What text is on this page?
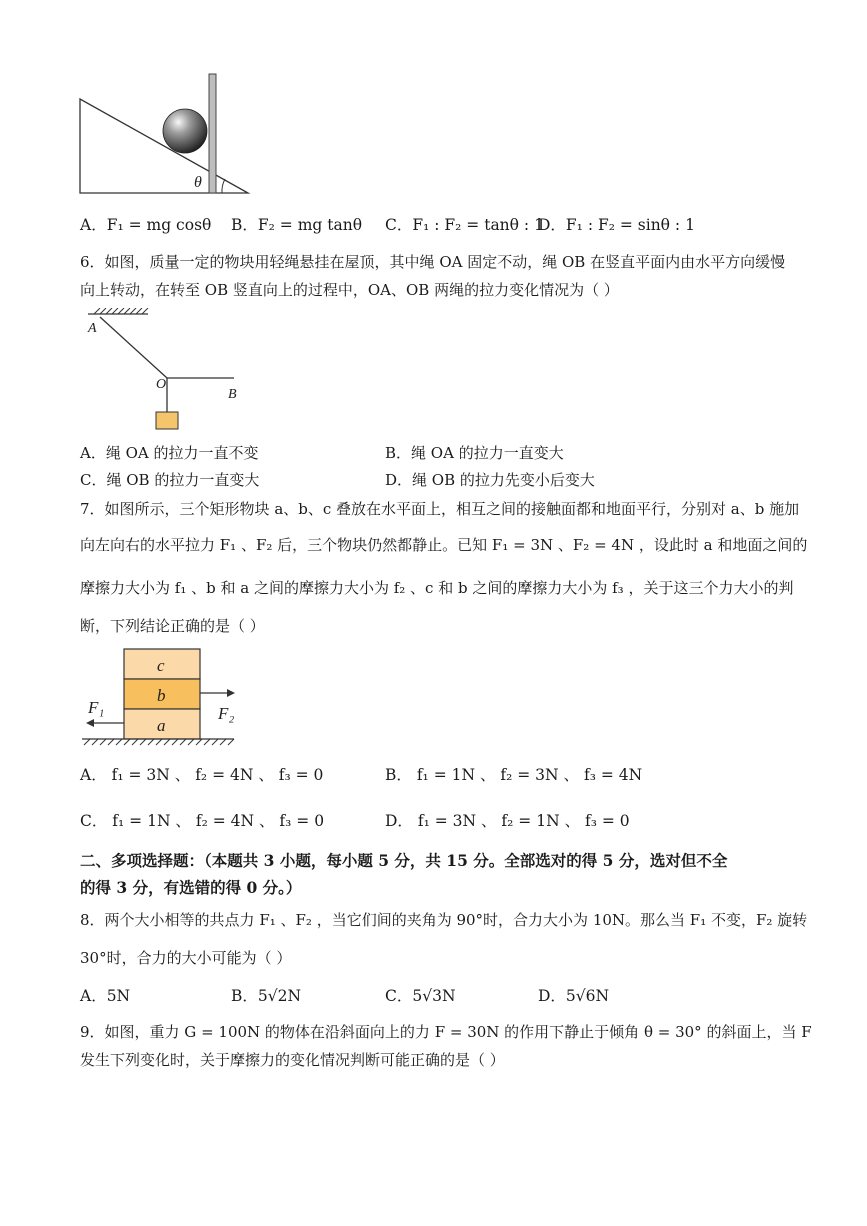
θ
A．F₁ = mg cosθ B．F₂ = mg tanθ C．F₁ : F₂ = tanθ : 1
D．F₁ : F₂ = sinθ : 1
6．如图，质量一定的物块用轻绳悬挂在屋顶，其中绳 OA 固定不动，绳 OB 在竖直平面内由水平方向缓慢
向上转动，在转至 OB 竖直向上的过程中，OA、OB 两绳的拉力变化情况为（ ）
A
O
B
A．绳 OA 的拉力一直不变	B．绳 OA 的拉力一直变大
C．绳 OB 的拉力一直变大	D．绳 OB 的拉力先变小后变大
7．如图所示，三个矩形物块 a、b、c 叠放在水平面上，相互之间的接触面都和地面平行，分别对 a、b 施加
向左向右的水平拉力 F₁ 、F₂ 后，三个物块仍然都静止。已知 F₁ = 3N 、F₂ = 4N ，设此时 a 和地面之间的
摩擦力大小为 f₁ 、b 和 a 之间的摩擦力大小为 f₂ 、c 和 b 之间的摩擦力大小为 f₃ ，关于这三个力大小的判
断，下列结论正确的是（ ）
c
b
a
F₁	F₂
A． f₁ = 3N 、 f₂ = 4N 、 f₃ = 0	B． f₁ = 1N 、 f₂ = 3N 、 f₃ = 4N
C． f₁ = 1N 、 f₂ = 4N 、 f₃ = 0	D． f₁ = 3N 、 f₂ = 1N 、 f₃ = 0
二、多项选择题：（本题共 3 小题，每小题 5 分，共 15 分。全部选对的得 5 分，选对但不全
的得 3 分，有选错的得 0 分。）
8．两个大小相等的共点力 F₁ 、F₂ ，当它们间的夹角为 90°时，合力大小为 10N。那么当 F₁ 不变，F₂ 旋转
30°时，合力的大小可能为（ ）
A．5N	B．5√2N	C．5√3N	D．5√6N
9．如图，重力 G = 100N 的物体在沿斜面向上的力 F = 30N 的作用下静止于倾角 θ = 30° 的斜面上，当 F
发生下列变化时，关于摩擦力的变化情况判断可能正确的是（ ）
